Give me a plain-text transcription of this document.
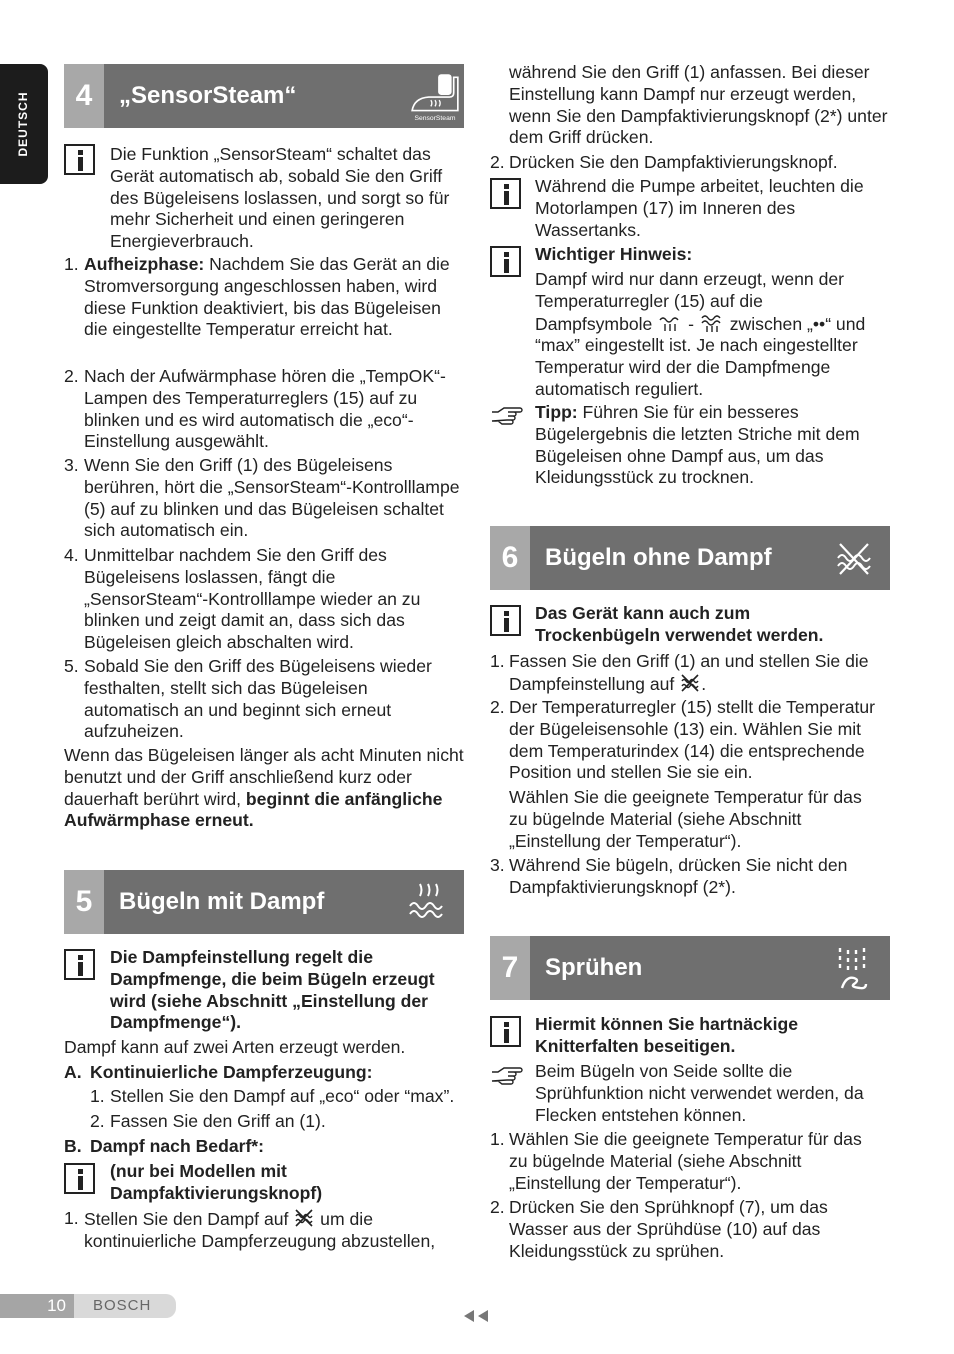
DEUTSCH	4	„SensorSteam“
SensorSteam
Die Funktion „SensorSteam“ schaltet das Gerät automatisch ab, sobald Sie den Griff des Bügeleisens loslassen, und sorgt so für mehr Sicherheit und einen geringeren Energieverbrauch.
1. Aufheizphase: Nachdem Sie das Gerät an die Stromversorgung angeschlossen haben, wird diese Funktion deaktiviert, bis das Bügeleisen die eingestellte Temperatur erreicht hat.
2. Nach der Aufwärmphase hören die „TempOK“-Lampen des Temperaturreglers (15) auf zu blinken und es wird automatisch die „eco“-Einstellung ausgewählt.
3. Wenn Sie den Griff (1) des Bügeleisens berühren, hört die „SensorSteam“-Kontrolllampe (5) auf zu blinken und das Bügeleisen schaltet sich automatisch ein.
4. Unmittelbar nachdem Sie den Griff des Bügeleisens loslassen, fängt die „SensorSteam“-Kontrolllampe wieder an zu blinken und zeigt damit an, dass sich das Bügeleisen gleich abschalten wird.
5. Sobald Sie den Griff des Bügeleisens wieder festhalten, stellt sich das Bügeleisen automatisch an und beginnt sich erneut aufzuheizen.
Wenn das Bügeleisen länger als acht Minuten nicht benutzt und der Griff anschließend kurz oder dauerhaft berührt wird, beginnt die anfängliche Aufwärmphase erneut.
5	Bügeln mit Dampf
Die Dampfeinstellung regelt die Dampfmenge, die beim Bügeln erzeugt wird (siehe Abschnitt „Einstellung der Dampfmenge“).
Dampf kann auf zwei Arten erzeugt werden.
A. Kontinuierliche Dampferzeugung:
1. Stellen Sie den Dampf auf „eco“ oder “max”.
2. Fassen Sie den Griff an (1).
B. Dampf nach Bedarf*:
(nur bei Modellen mit Dampfaktivierungsknopf)
1. Stellen Sie den Dampf auf  um die kontinuierliche Dampferzeugung abzustellen,
während Sie den Griff (1) anfassen. Bei dieser Einstellung kann Dampf nur erzeugt werden, wenn Sie den Dampfaktivierungsknopf (2*) unter dem Griff drücken.
2. Drücken Sie den Dampfaktivierungsknopf.
Während die Pumpe arbeitet, leuchten die Motorlampen (17) im Inneren des Wassertanks.
Wichtiger Hinweis:
Dampf wird nur dann erzeugt, wenn der Temperaturregler (15) auf die Dampfsymbole  -  zwischen „••“ und “max” eingestellt ist. Je nach eingestellter Temperatur wird der die Dampfmenge automatisch reguliert.
Tipp: Führen Sie für ein besseres Bügelergebnis die letzten Striche mit dem Bügeleisen ohne Dampf aus, um das Kleidungsstück zu trocknen.
6	Bügeln ohne Dampf
Das Gerät kann auch zum Trockenbügeln verwendet werden.
1. Fassen Sie den Griff (1) an und stellen Sie die Dampfeinstellung auf .
2. Der Temperaturregler (15) stellt die Temperatur der Bügeleisensohle (13) ein. Wählen Sie mit dem Temperaturindex (14) die entsprechende Position und stellen Sie sie ein.
Wählen Sie die geeignete Temperatur für das zu bügelnde Material (siehe Abschnitt „Einstellung der Temperatur“).
3. Während Sie bügeln, drücken Sie nicht den Dampfaktivierungsknopf (2*).
7	Sprühen
Hiermit können Sie hartnäckige Knitterfalten beseitigen.
Beim Bügeln von Seide sollte die Sprühfunktion nicht verwendet werden, da Flecken entstehen können.
1. Wählen Sie die geeignete Temperatur für das zu bügelnde Material (siehe Abschnitt „Einstellung der Temperatur“).
2. Drücken Sie den Sprühknopf (7), um das Wasser aus der Sprühdüse (10) auf das Kleidungsstück zu sprühen.
10	BOSCH
